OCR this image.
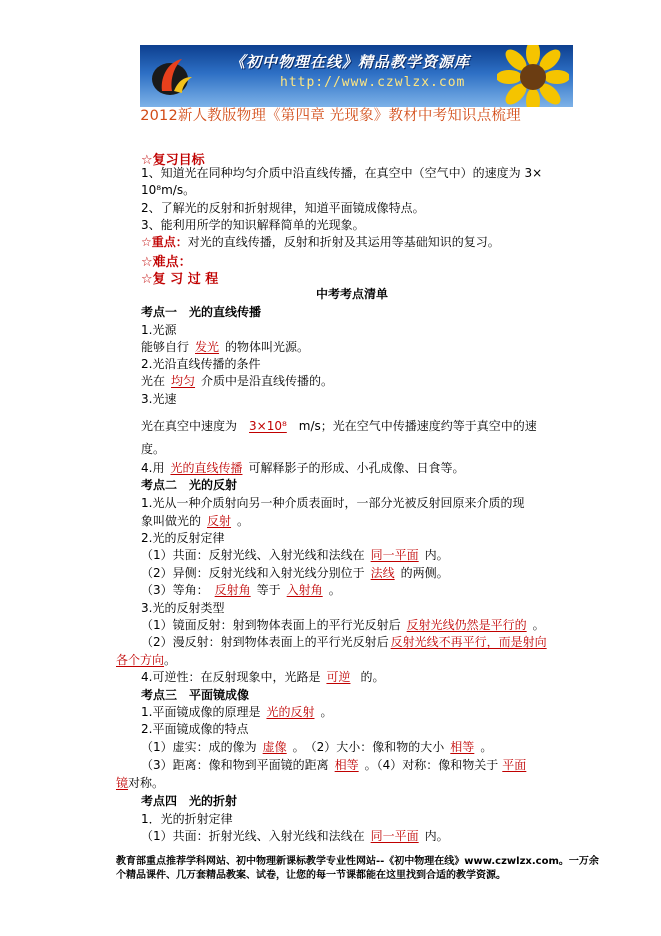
《初中物理在线》精品教学资源库
http://www.czwlzx.com
2012新人教版物理《第四章 光现象》教材中考知识点梳理
☆复习目标
1、知道光在同种均匀介质中沿直线传播，在真空中（空气中）的速度为 3×
10⁸m/s。
2、了解光的反射和折射规律，知道平面镜成像特点。
3、能利用所学的知识解释简单的光现象。
☆重点：对光的直线传播，反射和折射及其运用等基础知识的复习。
☆难点：
☆复 习 过 程
中考考点清单
考点一　光的直线传播
1.光源
能够自行 发光 的物体叫光源。
2.光沿直线传播的条件
光在 均匀 介质中是沿直线传播的。
3.光速
光在真空中速度为 3×10⁸ m/s；光在空气中传播速度约等于真空中的速
度。
4.用 光的直线传播 可解释影子的形成、小孔成像、日食等。
考点二　光的反射
1.光从一种介质射向另一种介质表面时，一部分光被反射回原来介质的现
象叫做光的 反射 。
2.光的反射定律
（1）共面：反射光线、入射光线和法线在 同一平面 内。
（2）异侧：反射光线和入射光线分别位于 法线 的两侧。
（3）等角： 反射角 等于 入射角 。
3.光的反射类型
（1）镜面反射：射到物体表面上的平行光反射后 反射光线仍然是平行的 。
（2）漫反射：射到物体表面上的平行光反射后 反射光线不再平行，而是射向
各个方向。
4.可逆性：在反射现象中，光路是 可逆 的。
考点三　平面镜成像
1.平面镜成像的原理是 光的反射 。
2.平面镜成像的特点
（1）虚实：成的像为 虚像 。　（2）大小：像和物的大小 相等 。
（3）距离：像和物到平面镜的距离 相等 。（4）对称：像和物关于 平面
镜对称。
考点四　光的折射
1．光的折射定律
（1）共面：折射光线、入射光线和法线在 同一平面 内。
教育部重点推荐学科网站、初中物理新课标教学专业性网站--《初中物理在线》www.czwlzx.com。一万余
个精品课件、几万套精品教案、试卷，让您的每一节课都能在这里找到合适的教学资源。
